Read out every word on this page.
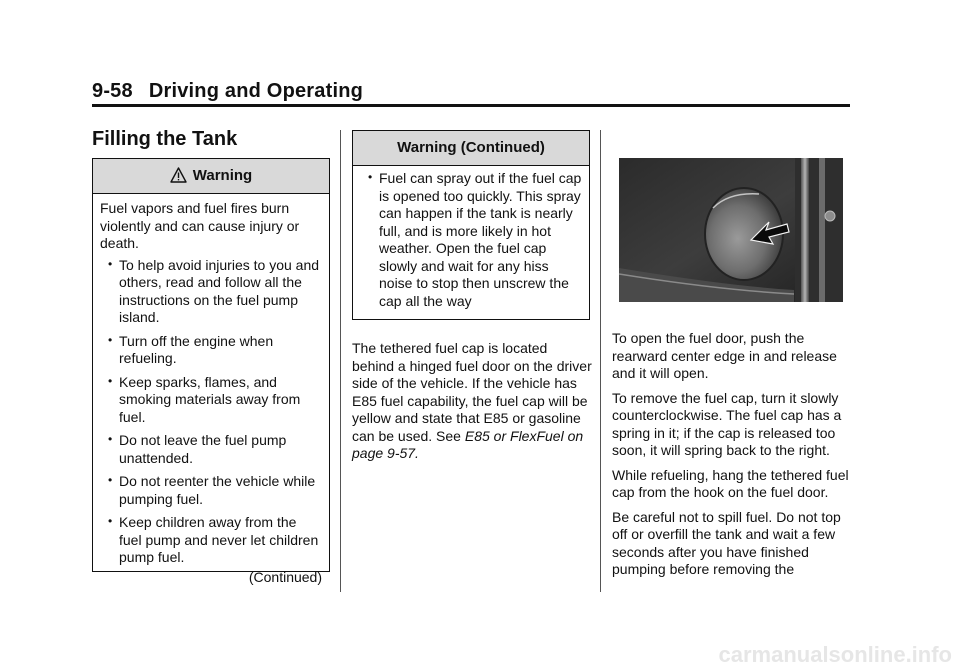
9-58 Driving and Operating
Filling the Tank
Warning

Fuel vapors and fuel fires burn violently and can cause injury or death.

• To help avoid injuries to you and others, read and follow all the instructions on the fuel pump island.
• Turn off the engine when refueling.
• Keep sparks, flames, and smoking materials away from fuel.
• Do not leave the fuel pump unattended.
• Do not reenter the vehicle while pumping fuel.
• Keep children away from the fuel pump and never let children pump fuel.
(Continued)
Warning (Continued)
• Fuel can spray out if the fuel cap is opened too quickly. This spray can happen if the tank is nearly full, and is more likely in hot weather. Open the fuel cap slowly and wait for any hiss noise to stop then unscrew the cap all the way

The tethered fuel cap is located behind a hinged fuel door on the driver side of the vehicle. If the vehicle has E85 fuel capability, the fuel cap will be yellow and state that E85 or gasoline can be used. See E85 or FlexFuel on page 9-57.

To open the fuel door, push the rearward center edge in and release and it will open.

To remove the fuel cap, turn it slowly counterclockwise. The fuel cap has a spring in it; if the cap is released too soon, it will spring back to the right.

While refueling, hang the tethered fuel cap from the hook on the fuel door.

Be careful not to spill fuel. Do not top off or overfill the tank and wait a few seconds after you have finished pumping before removing the

carmanualsonline.info
